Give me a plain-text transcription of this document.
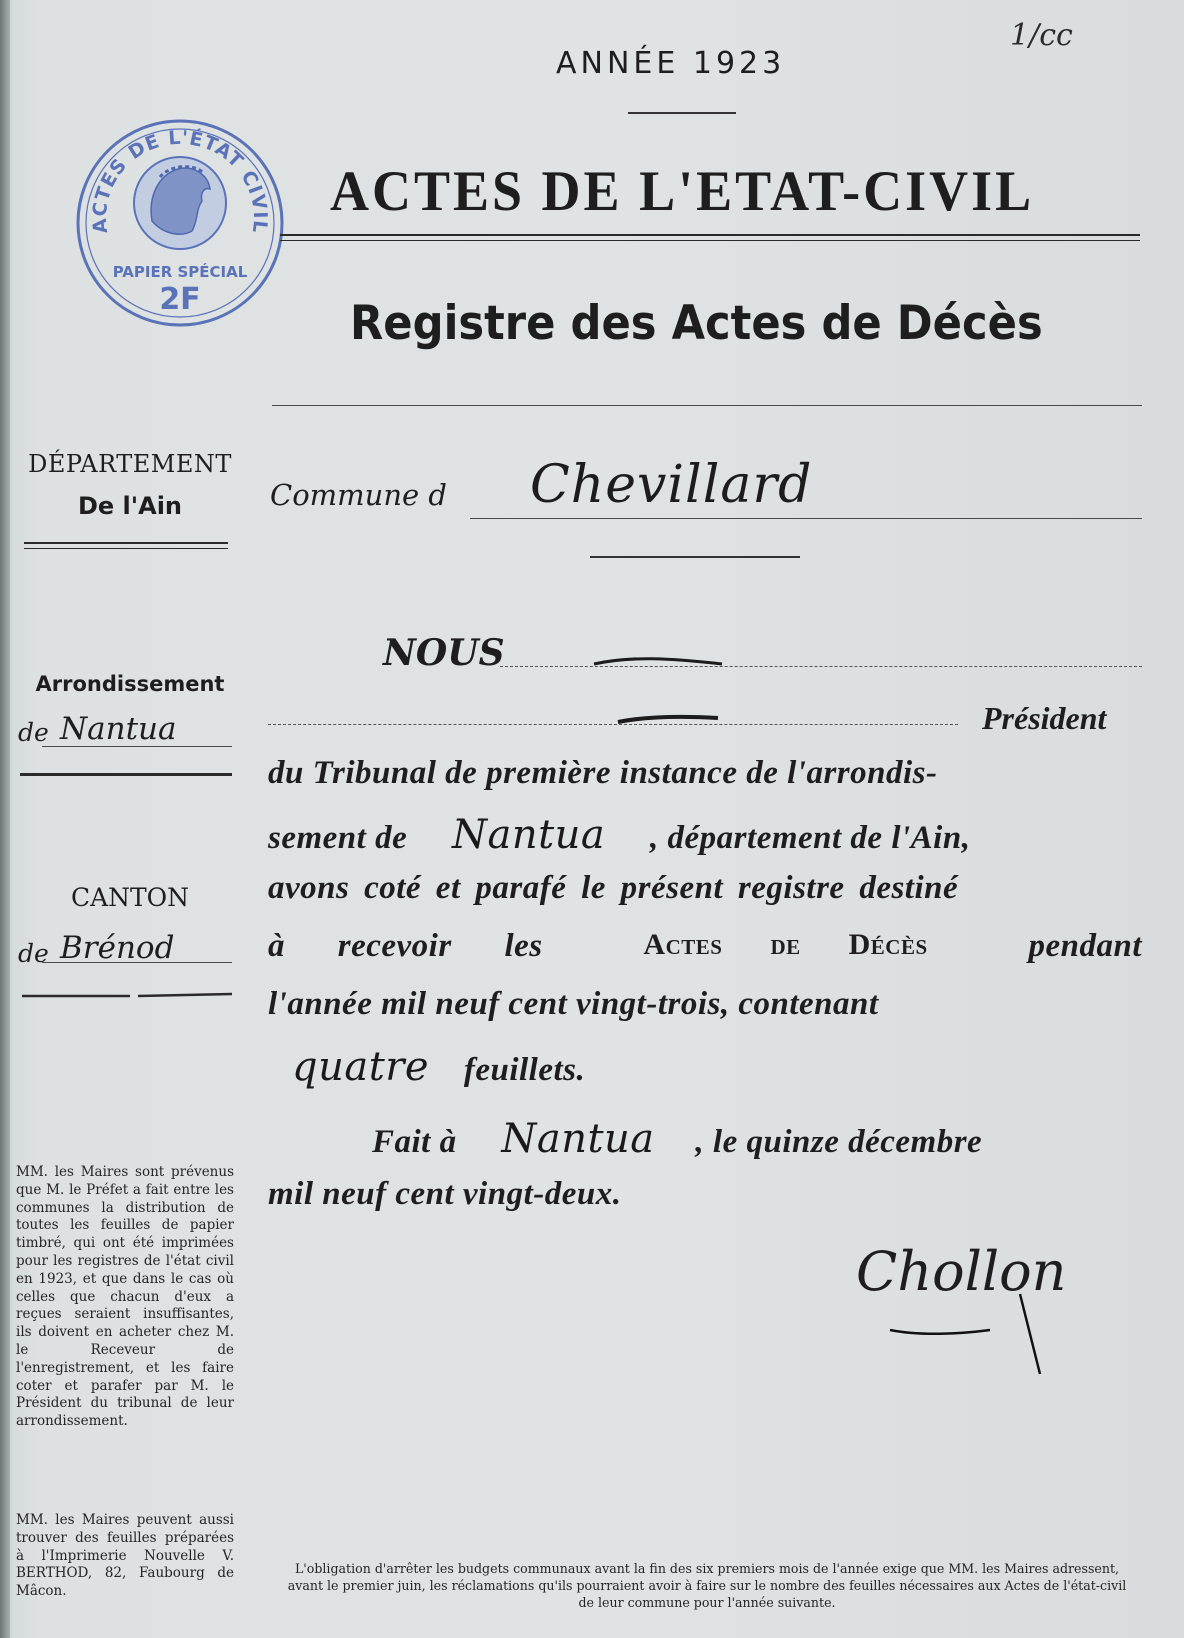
ANNÉE 1923
1/cc
ACTES DE L'ÉTAT CIVIL
PAPIER SPÉCIAL
2F
ACTES DE L'ETAT-CIVIL
Registre des Actes de Décès
DÉPARTEMENT
De l'Ain
Arrondissement
de Nantua
CANTON
de Brénod
MM. les Maires sont prévenus que M. le Préfet a fait entre les communes la distribution de toutes les feuilles de papier timbré, qui ont été imprimées pour les registres de l'état civil en 1923, et que dans le cas où celles que chacun d'eux a reçues seraient insuffisantes, ils doivent en acheter chez M. le Receveur de l'enregistrement, et les faire coter et parafer par M. le Président du tribunal de leur arrondissement.
MM. les Maires peuvent aussi trouver des feuilles préparées à l'Imprimerie Nouvelle V. BERTHOD, 82, Faubourg de Mâcon.
Commune d Chevillard
NOUS
Président
du Tribunal de première instance de l'arrondis-
sement de Nantua , département de l'Ain,
avons coté et parafé le présent registre destiné
à recevoir les	Actes de Décès	pendant
l'année mil neuf cent vingt-trois, contenant
quatre feuillets.
Fait à Nantua , le quinze décembre
mil neuf cent vingt-deux.
Chollon
L'obligation d'arrêter les budgets communaux avant la fin des six premiers mois de l'année exige que MM. les Maires adressent, avant le premier juin, les réclamations qu'ils pourraient avoir à faire sur le nombre des feuilles nécessaires aux Actes de l'état-civil de leur commune pour l'année suivante.
